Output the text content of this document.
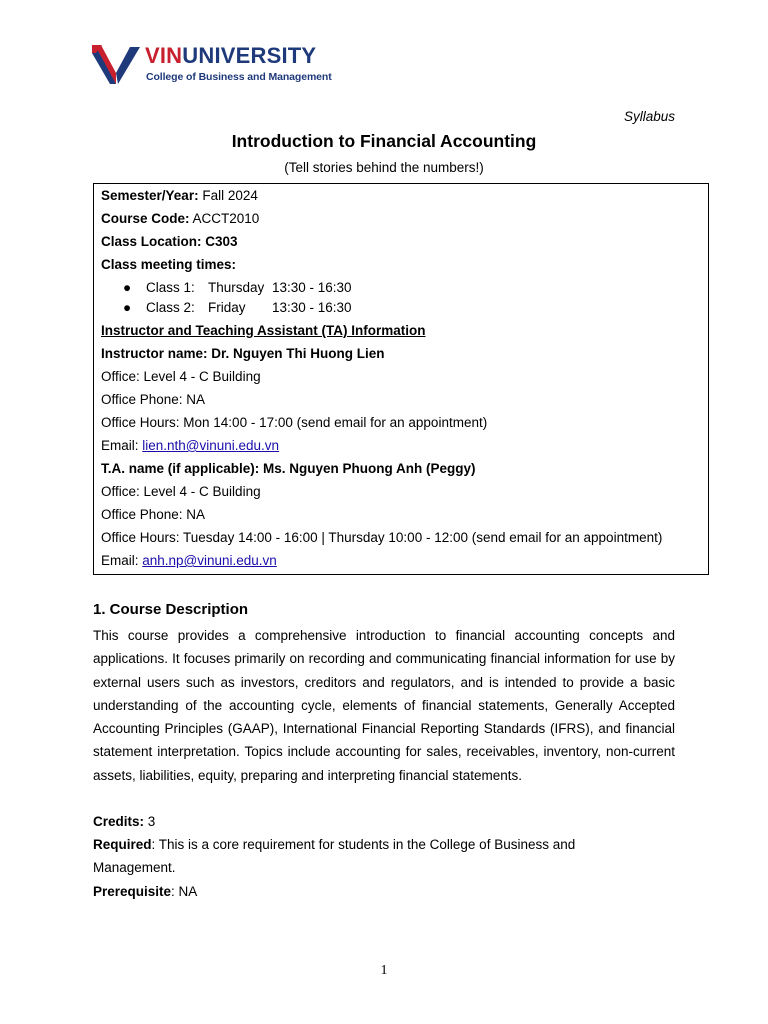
VINUNIVERSITY
College of Business and Management
Syllabus
Introduction to Financial Accounting
(Tell stories behind the numbers!)
Semester/Year: Fall 2024
Course Code: ACCT2010
Class Location: C303
Class meeting times:
● Class 1: Thursday 13:30 - 16:30
● Class 2: Friday 13:30 - 16:30
Instructor and Teaching Assistant (TA) Information
Instructor name: Dr. Nguyen Thi Huong Lien
Office: Level 4 - C Building
Office Phone: NA
Office Hours: Mon 14:00 - 17:00 (send email for an appointment)
Email: lien.nth@vinuni.edu.vn
T.A. name (if applicable): Ms. Nguyen Phuong Anh (Peggy)
Office: Level 4 - C Building
Office Phone: NA
Office Hours: Tuesday 14:00 - 16:00 | Thursday 10:00 - 12:00 (send email for an appointment)
Email: anh.np@vinuni.edu.vn
1. Course Description
This course provides a comprehensive introduction to financial accounting concepts and applications. It focuses primarily on recording and communicating financial information for use by external users such as investors, creditors and regulators, and is intended to provide a basic understanding of the accounting cycle, elements of financial statements, Generally Accepted Accounting Principles (GAAP), International Financial Reporting Standards (IFRS), and financial statement interpretation. Topics include accounting for sales, receivables, inventory, non-current assets, liabilities, equity, preparing and interpreting financial statements.
Credits: 3
Required: This is a core requirement for students in the College of Business and
Management.
Prerequisite: NA
1
